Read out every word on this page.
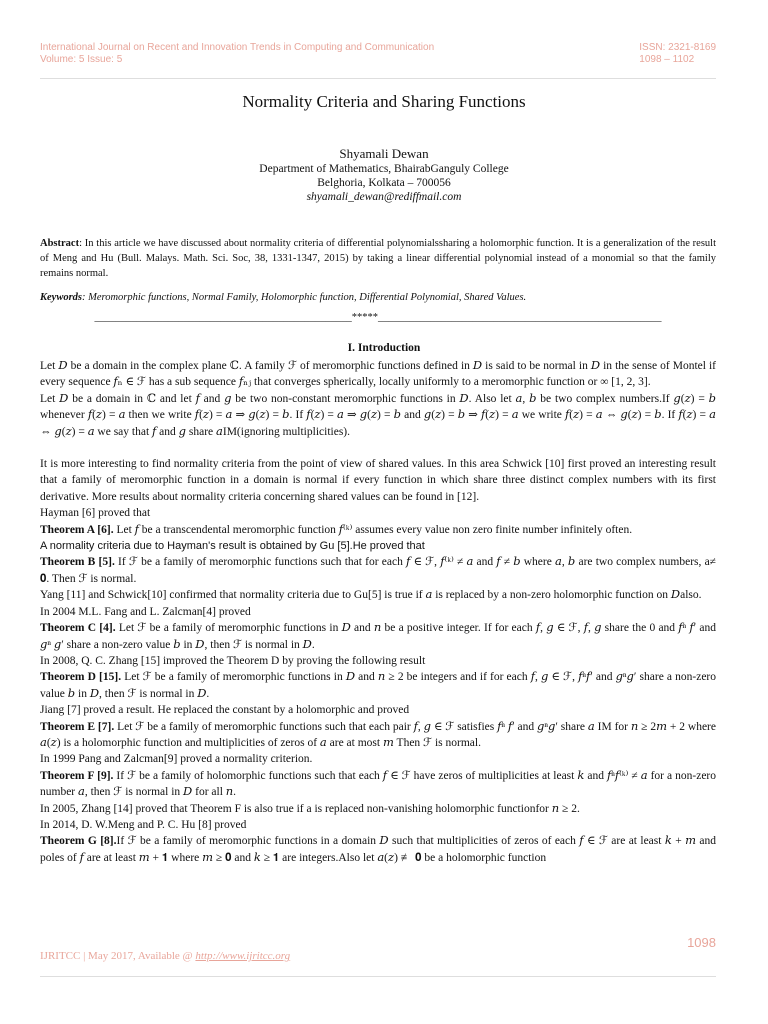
International Journal on Recent and Innovation Trends in Computing and Communication
Volume: 5 Issue: 5
ISSN: 2321-8169
1098 – 1102
Normality Criteria and Sharing Functions
Shyamali Dewan
Department of Mathematics, BhairabGanguly College
Belghoria, Kolkata – 700056
shyamali_dewan@rediffmail.com
Abstract: In this article we have discussed about normality criteria of differential polynomialssharing a holomorphic function. It is a generalization of the result of Meng and Hu (Bull. Malays. Math. Sci. Soc, 38, 1331-1347, 2015) by taking a linear differential polynomial instead of a monomial so that the family remains normal.
Keywords: Meromorphic functions, Normal Family, Holomorphic function, Differential Polynomial, Shared Values.
_________________________________________________*****______________________________________________________
I. Introduction

Let 𝐷 be a domain in the complex plane ℂ. A family ℱ of meromorphic functions defined in 𝐷 is said to be normal in 𝐷 in the sense of Montel if every sequence 𝑓ₙ ∈ ℱ has a sub sequence 𝑓ₙⱼ that converges spherically, locally uniformly to a meromorphic function or ∞ [1, 2, 3].

Let 𝐷 be a domain in ℂ and let 𝑓 and 𝑔 be two non-constant meromorphic functions in 𝐷. Also let 𝑎, 𝑏 be two complex numbers.If 𝑔(𝑧) = 𝑏 whenever 𝑓(𝑧) = 𝑎 then we write 𝑓(𝑧) = 𝑎 ⇒ 𝑔(𝑧) = 𝑏. If 𝑓(𝑧) = 𝑎 ⇒ 𝑔(𝑧) = 𝑏 and 𝑔(𝑧) = 𝑏 ⇒ 𝑓(𝑧) = 𝑎 we write 𝑓(𝑧) = 𝑎 ⇔ 𝑔(𝑧) = 𝑏. If 𝑓(𝑧) = 𝑎 ⇔ 𝑔(𝑧) = 𝑎 we say that 𝑓 and 𝑔 share 𝑎IM(ignoring multiplicities).

It is more interesting to find normality criteria from the point of view of shared values. In this area Schwick [10] first proved an interesting result that a family of meromorphic function in a domain is normal if every function in which share three distinct complex numbers with its first derivative. More results about normality criteria concerning shared values can be found in [12].

Hayman [6] proved that

Theorem A [6]. Let 𝑓 be a transcendental meromorphic function 𝑓⁽ᵏ⁾ assumes every value non zero finite number infinitely often.

A normality criteria due to Hayman's result is obtained by Gu [5].He proved that

Theorem B [5]. If ℱ be a family of meromorphic functions such that for each 𝑓 ∈ ℱ, 𝑓⁽ᵏ⁾ ≠ 𝑎 and 𝑓 ≠ 𝑏 where 𝑎, 𝑏 are two complex numbers, a≠ 𝟎. Then ℱ is normal.

Yang [11] and Schwick[10] confirmed that normality criteria due to Gu[5] is true if 𝑎 is replaced by a non-zero holomorphic function on 𝐷also.

In 2004 M.L. Fang and L. Zalcman[4] proved

Theorem C [4]. Let ℱ be a family of meromorphic functions in 𝐷 and 𝑛 be a positive integer. If for each 𝑓, 𝑔 ∈ ℱ, 𝑓, 𝑔 share the 0 and 𝑓ⁿ 𝑓′ and 𝑔ⁿ 𝑔′ share a non-zero value 𝑏 in 𝐷, then ℱ is normal in 𝐷.

In 2008, Q. C. Zhang [15] improved the Theorem D by proving the following result

Theorem D [15]. Let ℱ be a family of meromorphic functions in 𝐷 and 𝑛 ≥ 2 be integers and if for each 𝑓, 𝑔 ∈ ℱ, 𝑓ⁿ𝑓′ and 𝑔ⁿ𝑔′ share a non-zero value 𝑏 in 𝐷, then ℱ is normal in 𝐷.

Jiang [7] proved a result. He replaced the constant by a holomorphic and proved

Theorem E [7]. Let ℱ be a family of meromorphic functions such that each pair 𝑓, 𝑔 ∈ ℱ satisfies 𝑓ⁿ 𝑓′ and 𝑔ⁿ𝑔′ share 𝑎 IM for 𝑛 ≥ 2𝑚 + 2 where 𝑎(𝑧) is a holomorphic function and multiplicities of zeros of 𝑎 are at most 𝑚 Then ℱ is normal.

In 1999 Pang and Zalcman[9] proved a normality criterion.

Theorem F [9]. If ℱ be a family of holomorphic functions such that each 𝑓 ∈ ℱ have zeros of multiplicities at least 𝑘 and 𝑓ⁿ𝑓⁽ᵏ⁾ ≠ 𝑎 for a non-zero number 𝑎, then ℱ is normal in 𝐷 for all 𝑛.

In 2005, Zhang [14] proved that Theorem F is also true if a is replaced non-vanishing holomorphic functionfor 𝑛 ≥ 2.

In 2014, D. W.Meng and P. C. Hu [8] proved

Theorem G [8].If ℱ be a family of meromorphic functions in a domain 𝐷 such that multiplicities of zeros of each 𝑓 ∈ ℱ are at least 𝑘 + 𝑚 and poles of 𝑓 are at least 𝑚 + 𝟏 where 𝑚 ≥ 𝟎 and 𝑘 ≥ 𝟏 are integers.Also let 𝑎(𝑧) ≢ 𝟎 be a holomorphic function

1098
IJRITCC | May 2017, Available @ http://www.ijritcc.org
